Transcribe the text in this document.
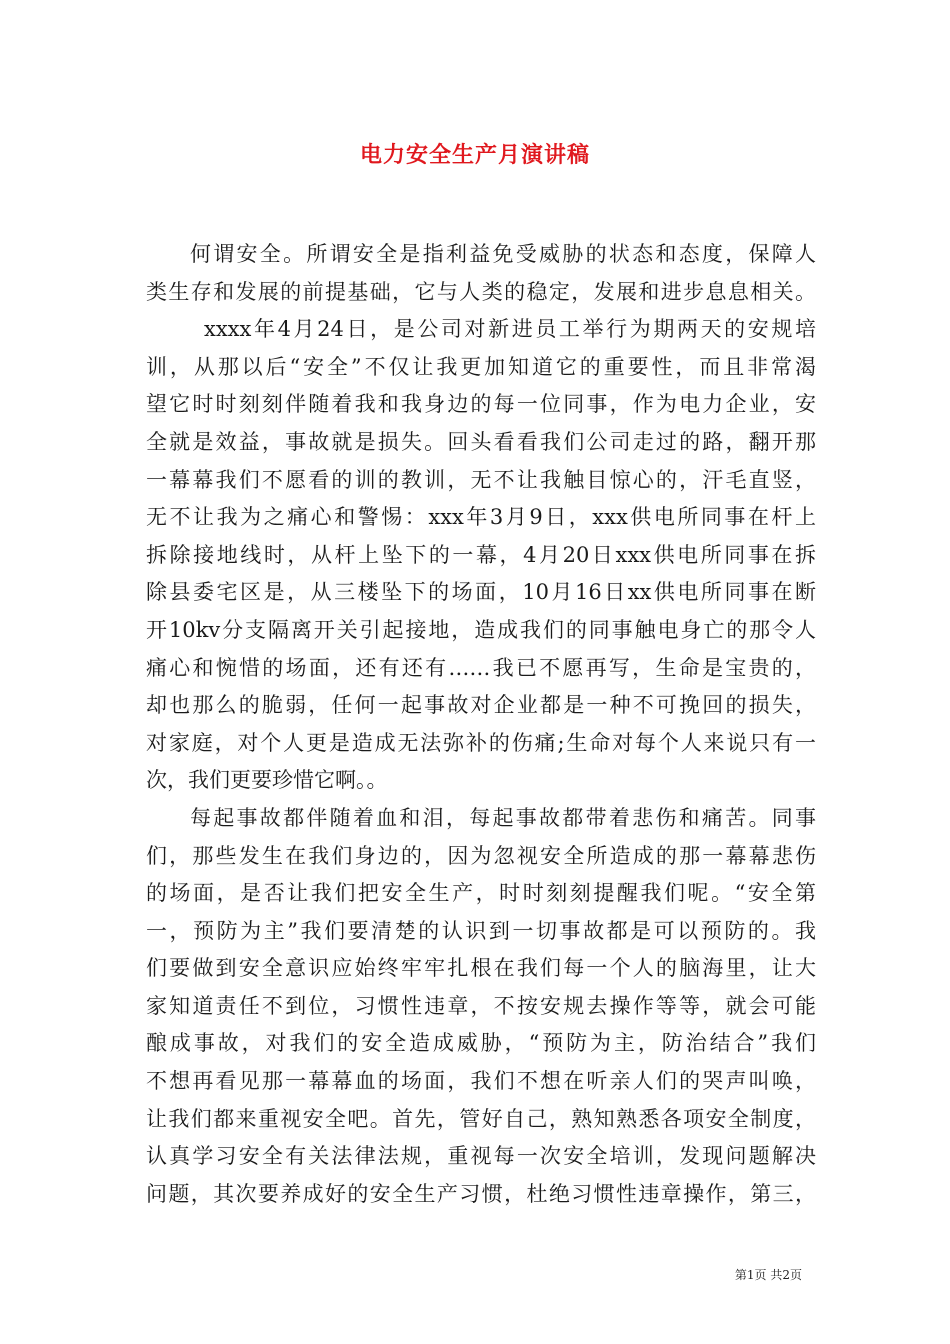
电力安全生产月演讲稿
何谓安全。所谓安全是指利益免受威胁的状态和态度，保障人
类生存和发展的前提基础，它与人类的稳定，发展和进步息息相关。
xxxx年4月24日，是公司对新进员工举行为期两天的安规培
训，从那以后“安全”不仅让我更加知道它的重要性，而且非常渴
望它时时刻刻伴随着我和我身边的每一位同事，作为电力企业，安
全就是效益，事故就是损失。回头看看我们公司走过的路，翻开那
一幕幕我们不愿看的训的教训，无不让我触目惊心的，汗毛直竖，
无不让我为之痛心和警惕：xxx年3月9日，xxx供电所同事在杆上
拆除接地线时，从杆上坠下的一幕，4月20日xxx供电所同事在拆
除县委宅区是，从三楼坠下的场面，10月16日xx供电所同事在断
开10kv分支隔离开关引起接地，造成我们的同事触电身亡的那令人
痛心和惋惜的场面，还有还有……我已不愿再写，生命是宝贵的，
却也那么的脆弱，任何一起事故对企业都是一种不可挽回的损失，
对家庭，对个人更是造成无法弥补的伤痛;生命对每个人来说只有一
次，我们更要珍惜它啊。。
每起事故都伴随着血和泪，每起事故都带着悲伤和痛苦。同事
们，那些发生在我们身边的，因为忽视安全所造成的那一幕幕悲伤
的场面，是否让我们把安全生产，时时刻刻提醒我们呢。“安全第
一，预防为主”我们要清楚的认识到一切事故都是可以预防的。我
们要做到安全意识应始终牢牢扎根在我们每一个人的脑海里，让大
家知道责任不到位，习惯性违章，不按安规去操作等等，就会可能
酿成事故，对我们的安全造成威胁，“预防为主，防治结合”我们
不想再看见那一幕幕血的场面，我们不想在听亲人们的哭声叫唤，
让我们都来重视安全吧。首先，管好自己，熟知熟悉各项安全制度，
认真学习安全有关法律法规，重视每一次安全培训，发现问题解决
问题，其次要养成好的安全生产习惯，杜绝习惯性违章操作，第三，
第1页 共2页
